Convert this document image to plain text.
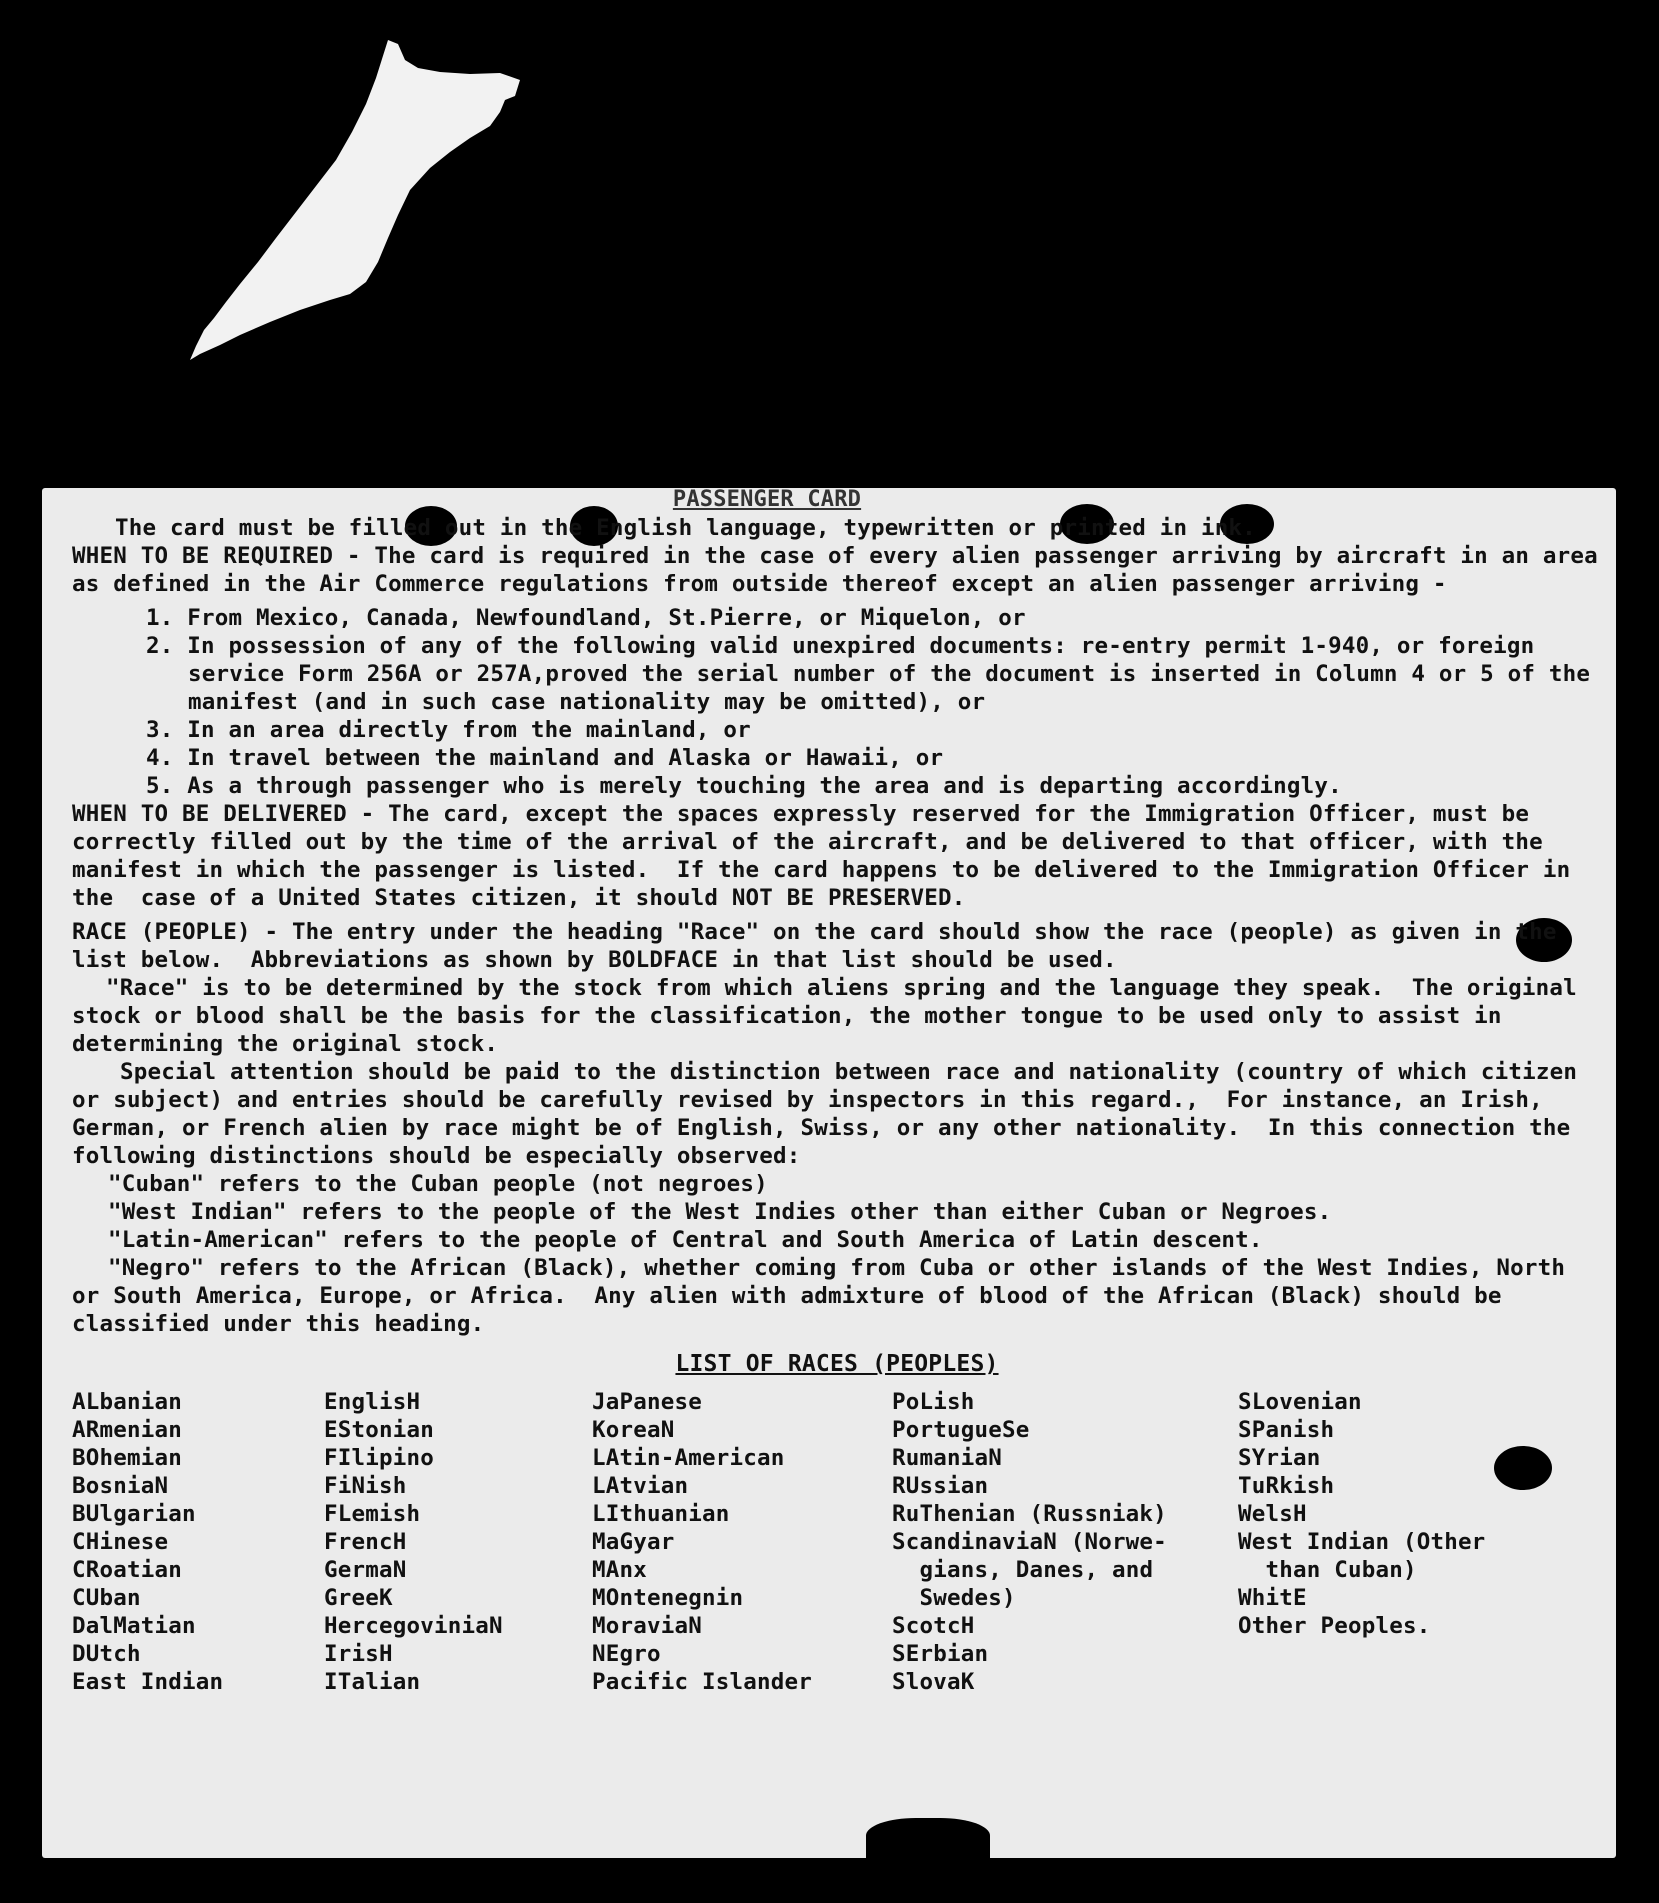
PASSENGER CARD

The card must be filled out in the English language, typewritten or printed in ink.

WHEN TO BE REQUIRED - The card is required in the case of every alien passenger arriving by aircraft in an area as defined in the Air Commerce regulations from outside thereof except an alien passenger arriving -

1. From Mexico, Canada, Newfoundland, St.Pierre, or Miquelon, or
2. In possession of any of the following valid unexpired documents: re-entry permit 1-940, or foreign service Form 256A or 257A,proved the serial number of the document is inserted in Column 4 or 5 of the manifest (and in such case nationality may be omitted), or
3. In an area directly from the mainland, or
4. In travel between the mainland and Alaska or Hawaii, or
5. As a through passenger who is merely touching the area and is departing accordingly.

WHEN TO BE DELIVERED - The card, except the spaces expressly reserved for the Immigration Officer, must be correctly filled out by the time of the arrival of the aircraft, and be delivered to that officer, with the manifest in which the passenger is listed.  If the card happens to be delivered to the Immigration Officer in the  case of a United States citizen, it should NOT BE PRESERVED.

RACE (PEOPLE) - The entry under the heading "Race" on the card should show the race (people) as given in the list below.  Abbreviations as shown by BOLDFACE in that list should be used.

"Race" is to be determined by the stock from which aliens spring and the language they speak.  The original stock or blood shall be the basis for the classification, the mother tongue to be used only to assist in determining the original stock.

Special attention should be paid to the distinction between race and nationality (country of which citizen or subject) and entries should be carefully revised by inspectors in this regard.,  For instance, an Irish, German, or French alien by race might be of English, Swiss, or any other nationality.  In this connection the following distinctions should be especially observed:

"Cuban" refers to the Cuban people (not negroes)

"West Indian" refers to the people of the West Indies other than either Cuban or Negroes.

"Latin-American" refers to the people of Central and South America of Latin descent.

"Negro" refers to the African (Black), whether coming from Cuba or other islands of the West Indies, North or South America, Europe, or Africa.  Any alien with admixture of blood of the African (Black) should be classified under this heading.

LIST OF RACES (PEOPLES)
ALbanian
ARmenian
BOhemian
BosniaN
BUlgarian
CHinese
CRoatian
CUban
DalMatian
DUtch
East Indian
EnglisH
EStonian
FIlipino
FiNish
FLemish
FrencH
GermaN
GreeK
HercegoviniaN
IrisH
ITalian
JaPanese
KoreaN
LAtin-American
LAtvian
LIthuanian
MaGyar
MAnx
MOntenegnin
MoraviaN
NEgro
Pacific Islander
PoLish
PortugueSe
RumaniaN
RUssian
RuThenian (Russniak)
ScandinaviaN (Norwe-
gians, Danes, and
Swedes)
ScotcH
SErbian
SlovaK
SLovenian
SPanish
SYrian
TuRkish
WelsH
West Indian (Other
than Cuban)
WhitE
Other Peoples.
